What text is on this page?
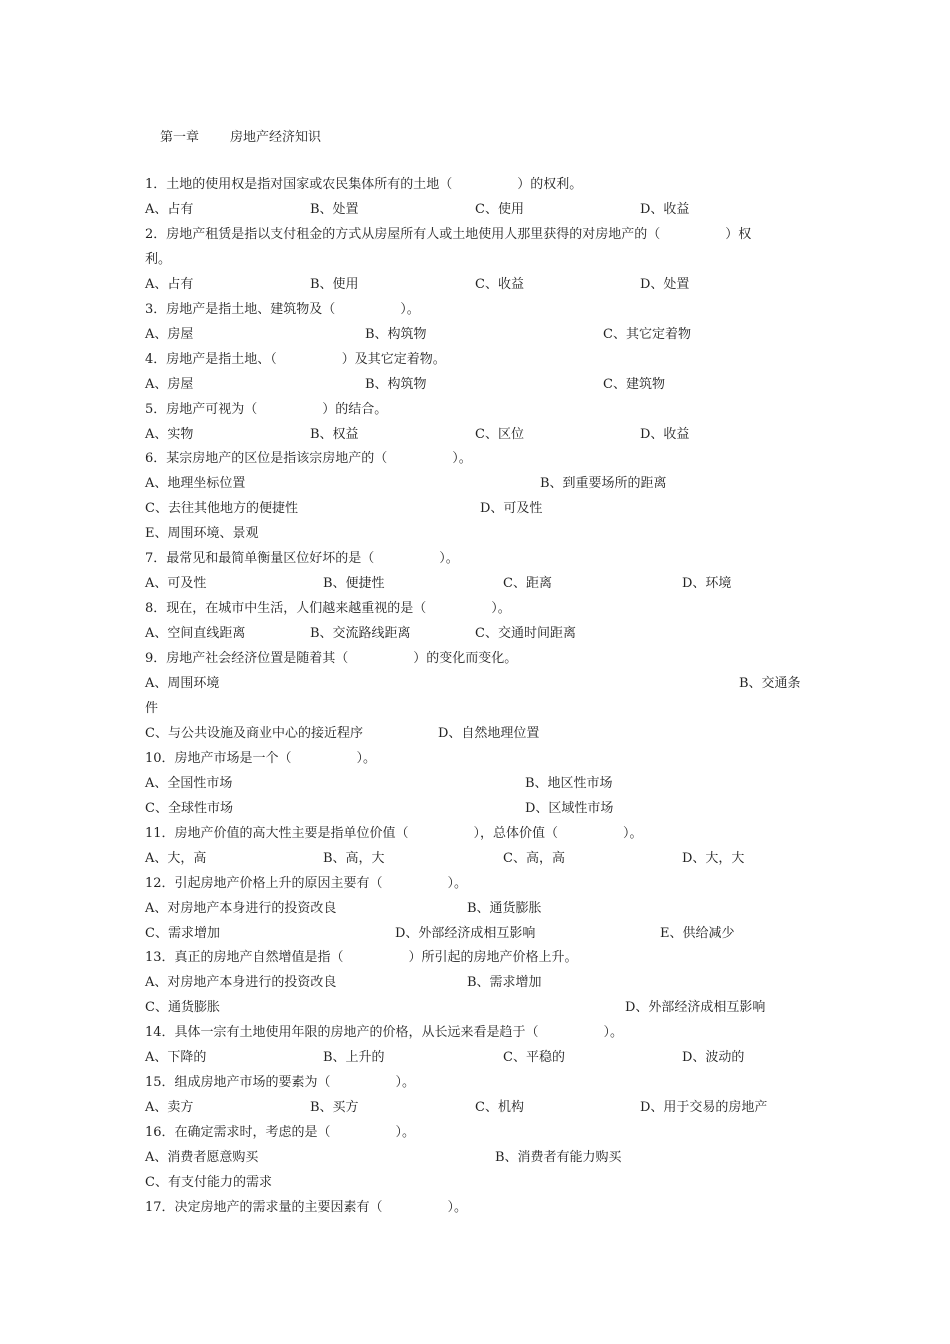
第一章 房地产经济知识
1．土地的使用权是指对国家或农民集体所有的土地（　　　　　）的权利。
A、占有	B、处置	C、使用	D、收益
2．房地产租赁是指以支付租金的方式从房屋所有人或土地使用人那里获得的对房地产的（　　　　　）权
利。
A、占有	B、使用	C、收益	D、处置
3．房地产是指土地、建筑物及（　　　　　）。
A、房屋	B、构筑物	C、其它定着物
4．房地产是指土地、（　　　　　）及其它定着物。
A、房屋	B、构筑物	C、建筑物
5．房地产可视为（　　　　　）的结合。
A、实物	B、权益	C、区位	D、收益
6．某宗房地产的区位是指该宗房地产的（　　　　　）。
A、地理坐标位置	B、到重要场所的距离
C、去往其他地方的便捷性	D、可及性
E、周围环境、景观
7．最常见和最简单衡量区位好坏的是（　　　　　）。
A、可及性	B、便捷性	C、距离	D、环境
8．现在，在城市中生活，人们越来越重视的是（　　　　　）。
A、空间直线距离	B、交流路线距离	C、交通时间距离
9．房地产社会经济位置是随着其（　　　　　）的变化而变化。
A、周围环境	B、交通条
件
C、与公共设施及商业中心的接近程序	D、自然地理位置
10．房地产市场是一个（　　　　　）。
A、全国性市场	B、地区性市场
C、全球性市场	D、区域性市场
11．房地产价值的高大性主要是指单位价值（　　　　　），总体价值（　　　　　）。
A、大，高	B、高，大	C、高，高	D、大，大
12．引起房地产价格上升的原因主要有（　　　　　）。
A、对房地产本身进行的投资改良	B、通货膨胀
C、需求增加	D、外部经济成相互影响	E、供给减少
13．真正的房地产自然增值是指（　　　　　）所引起的房地产价格上升。
A、对房地产本身进行的投资改良	B、需求增加
C、通货膨胀	D、外部经济成相互影响
14．具体一宗有土地使用年限的房地产的价格，从长远来看是趋于（　　　　　）。
A、下降的	B、上升的	C、平稳的	D、波动的
15．组成房地产市场的要素为（　　　　　）。
A、卖方	B、买方	C、机构	D、用于交易的房地产
16．在确定需求时，考虑的是（　　　　　）。
A、消费者愿意购买	B、消费者有能力购买
C、有支付能力的需求
17．决定房地产的需求量的主要因素有（　　　　　）。
